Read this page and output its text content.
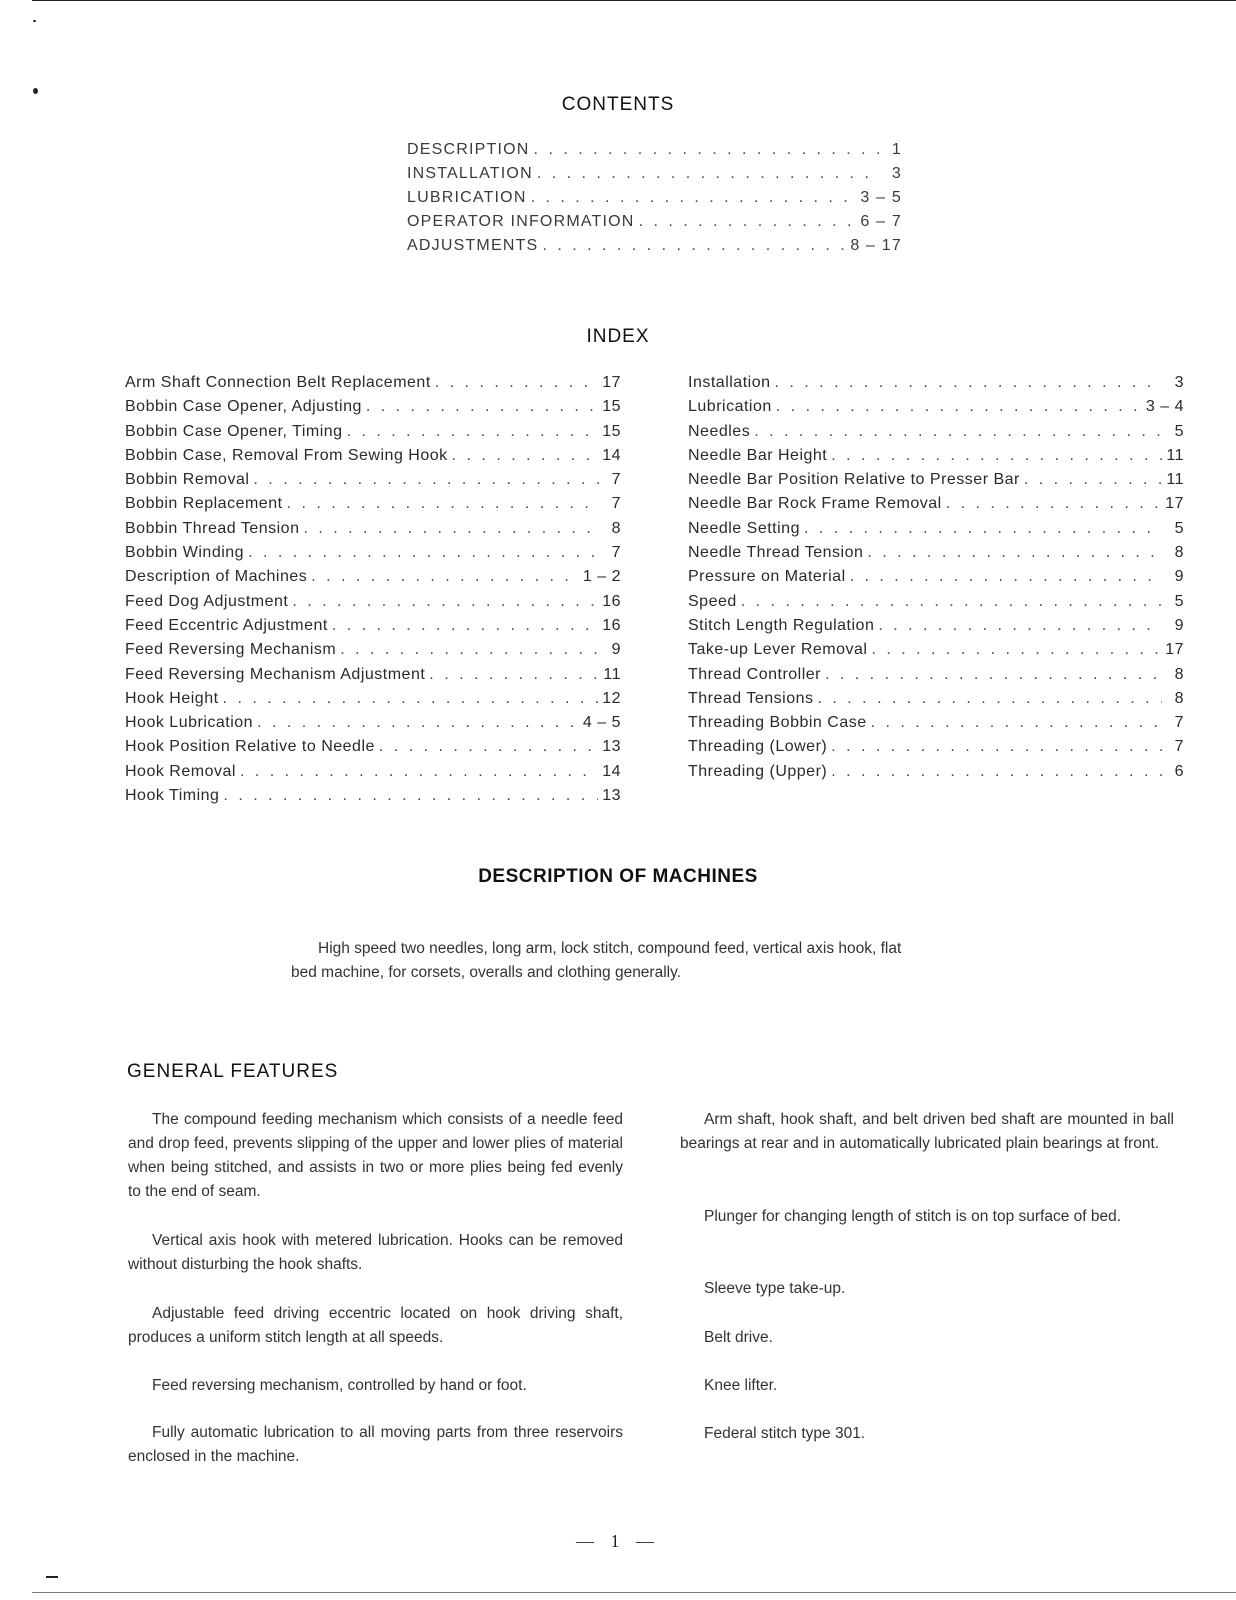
CONTENTS
DESCRIPTION . . .	1
INSTALLATION . . .	3
LUBRICATION . . .	3 – 5
OPERATOR INFORMATION . . .	6 – 7
ADJUSTMENTS . . .	8 – 17
INDEX
Arm Shaft Connection Belt Replacement . . .	17
Bobbin Case Opener, Adjusting . . .	15
Bobbin Case Opener, Timing . . .	15
Bobbin Case, Removal From Sewing Hook . . .	14
Bobbin Removal . . .	7
Bobbin Replacement . . .	7
Bobbin Thread Tension . . .	8
Bobbin Winding . . .	7
Description of Machines . . .	1 – 2
Feed Dog Adjustment . . .	16
Feed Eccentric Adjustment . . .	16
Feed Reversing Mechanism . . .	9
Feed Reversing Mechanism Adjustment . . .	11
Hook Height . . .	12
Hook Lubrication . . .	4 – 5
Hook Position Relative to Needle . . .	13
Hook Removal . . .	14
Hook Timing . . .	13
Installation . . .	3
Lubrication . . .	3 – 4
Needles . . .	5
Needle Bar Height . . .	11
Needle Bar Position Relative to Presser Bar . . .	11
Needle Bar Rock Frame Removal . . .	17
Needle Setting . . .	5
Needle Thread Tension . . .	8
Pressure on Material . . .	9
Speed . . .	5
Stitch Length Regulation . . .	9
Take-up Lever Removal . . .	17
Thread Controller . . .	8
Thread Tensions . . .	8
Threading Bobbin Case . . .	7
Threading (Lower) . . .	7
Threading (Upper) . . .	6
DESCRIPTION OF MACHINES

High speed two needles, long arm, lock stitch, compound feed, vertical axis hook, flat

bed machine, for corsets, overalls and clothing generally.

GENERAL FEATURES

The compound feeding mechanism which consists of a needle feed and drop feed, prevents slipping of the upper and lower plies of material when being stitched, and assists in two or more plies being fed evenly to the end of seam.

Vertical axis hook with metered lubrication. Hooks can be removed without disturbing the hook shafts.

Adjustable feed driving eccentric located on hook driving shaft, produces a uniform stitch length at all speeds.

Feed reversing mechanism, controlled by hand or foot.

Fully automatic lubrication to all moving parts from three reservoirs enclosed in the machine.

Arm shaft, hook shaft, and belt driven bed shaft are mounted in ball bearings at rear and in automatically lubricated plain bearings at front.

Plunger for changing length of stitch is on top surface of bed.

Sleeve type take-up.

Belt drive.

Knee lifter.

Federal stitch type 301.

— 1 —
